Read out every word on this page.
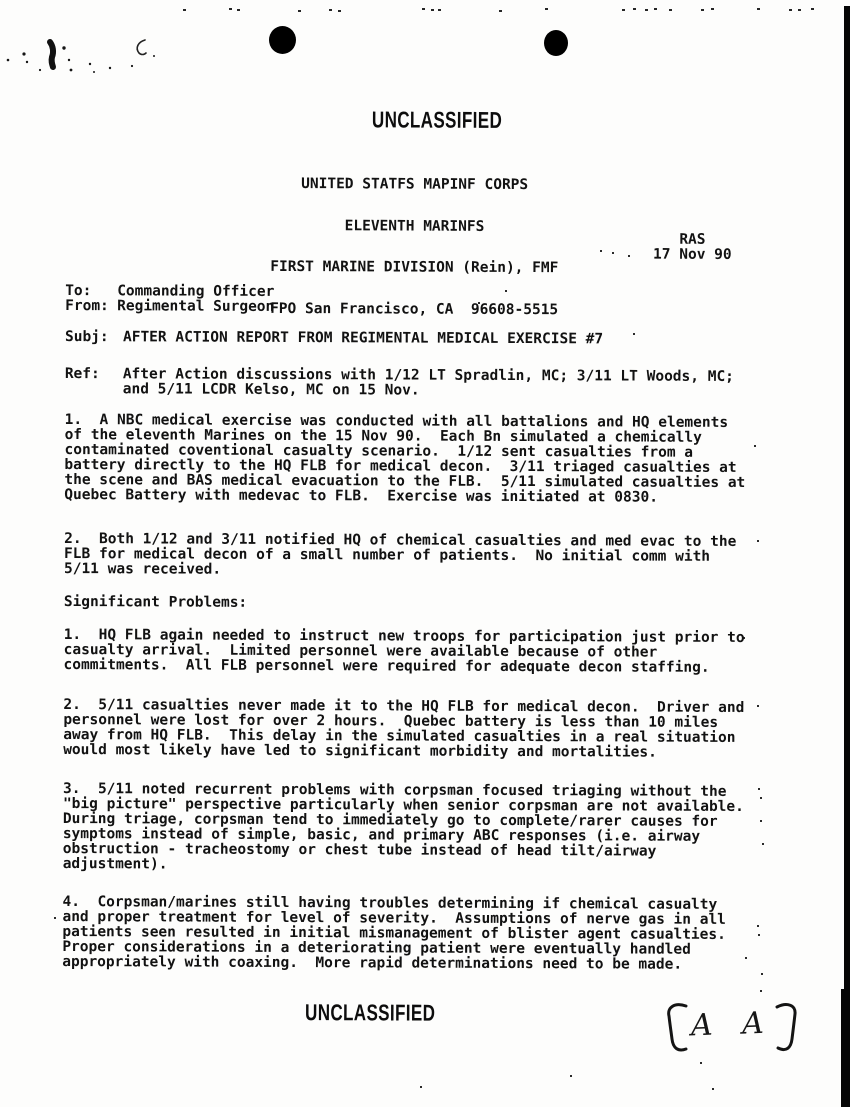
UNCLASSIFIED

UNITED STATFS MAPINF CORPS

ELEVENTH MARINFS

FIRST MARINE DIVISION (Rein), FMF

FPO San Francisco, CA  96608-5515

RAS
17 Nov 90
To:	Commanding Officer
From: Regimental Surgeon
Subj: AFTER ACTION REPORT FROM REGIMENTAL MEDICAL EXERCISE #7
Ref:	After Action discussions with 1/12 LT Spradlin, MC; 3/11 LT Woods, MC;
and 5/11 LCDR Kelso, MC on 15 Nov.
1.  A NBC medical exercise was conducted with all battalions and HQ elements
of the eleventh Marines on the 15 Nov 90.  Each Bn simulated a chemically
contaminated coventional casualty scenario.  1/12 sent casualties from a
battery directly to the HQ FLB for medical decon.  3/11 triaged casualties at
the scene and BAS medical evacuation to the FLB.  5/11 simulated casualties at
Quebec Battery with medevac to FLB.  Exercise was initiated at 0830.
2.  Both 1/12 and 3/11 notified HQ of chemical casualties and med evac to the
FLB for medical decon of a small number of patients.  No initial comm with
5/11 was received.
Significant Problems:
1.  HQ FLB again needed to instruct new troops for participation just prior to
casualty arrival.  Limited personnel were available because of other
commitments.  All FLB personnel were required for adequate decon staffing.
2.  5/11 casualties never made it to the HQ FLB for medical decon.  Driver and
personnel were lost for over 2 hours.  Quebec battery is less than 10 miles
away from HQ FLB.  This delay in the simulated casualties in a real situation
would most likely have led to significant morbidity and mortalities.
3.  5/11 noted recurrent problems with corpsman focused triaging without the
"big picture" perspective particularly when senior corpsman are not available.
During triage, corpsman tend to immediately go to complete/rarer causes for
symptoms instead of simple, basic, and primary ABC responses (i.e. airway
obstruction - tracheostomy or chest tube instead of head tilt/airway
adjustment).
4.  Corpsman/marines still having troubles determining if chemical casualty
and proper treatment for level of severity.  Assumptions of nerve gas in all
patients seen resulted in initial mismanagement of blister agent casualties.
Proper considerations in a deteriorating patient were eventually handled
appropriately with coaxing.  More rapid determinations need to be made.
UNCLASSIFIED	A A
